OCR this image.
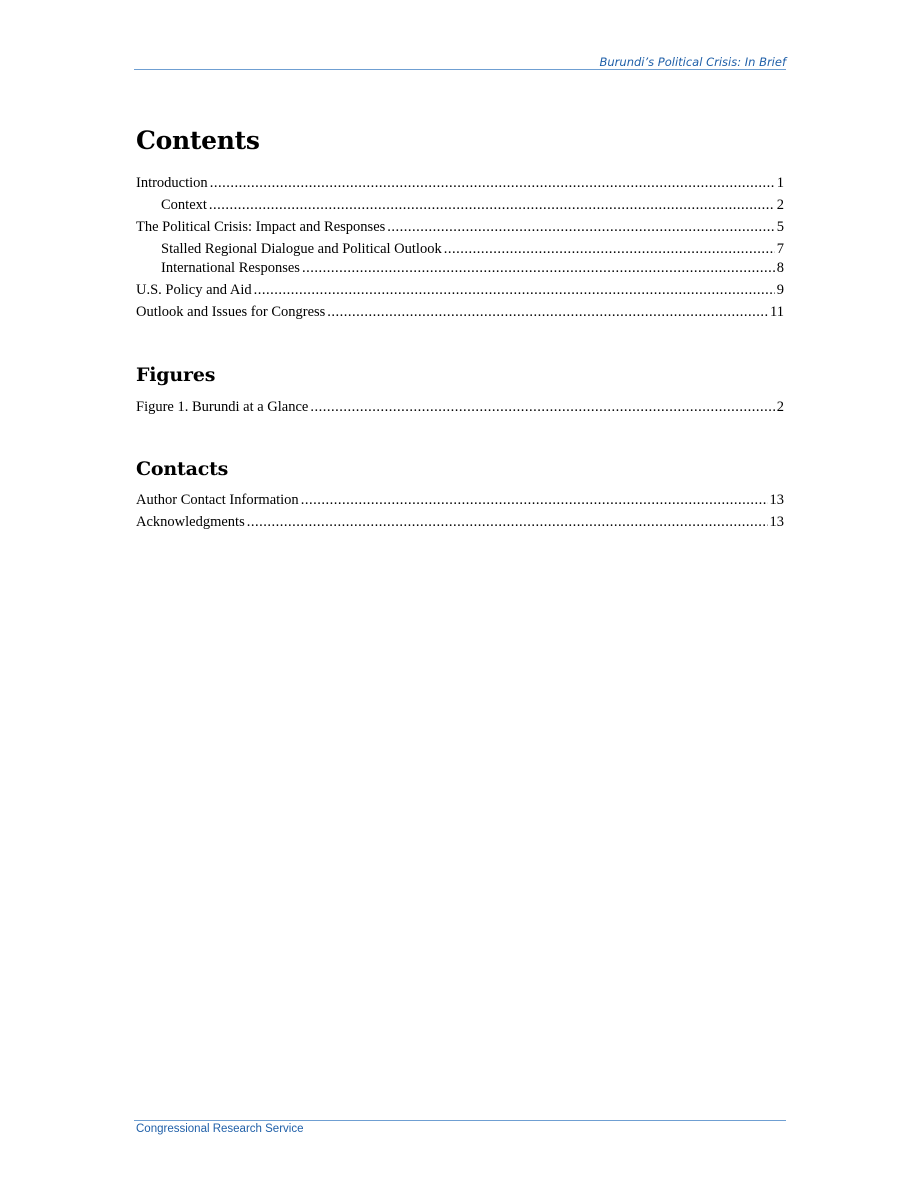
Burundi’s Political Crisis: In Brief
Contents
Introduction .....	1
Context .....	2
The Political Crisis: Impact and Responses .....	5
Stalled Regional Dialogue and Political Outlook .....	7
International Responses .....	8
U.S. Policy and Aid .....	9
Outlook and Issues for Congress .....	11
Figures
Figure 1. Burundi at a Glance .....	2
Contacts
Author Contact Information .....	13
Acknowledgments .....	13
Congressional Research Service
